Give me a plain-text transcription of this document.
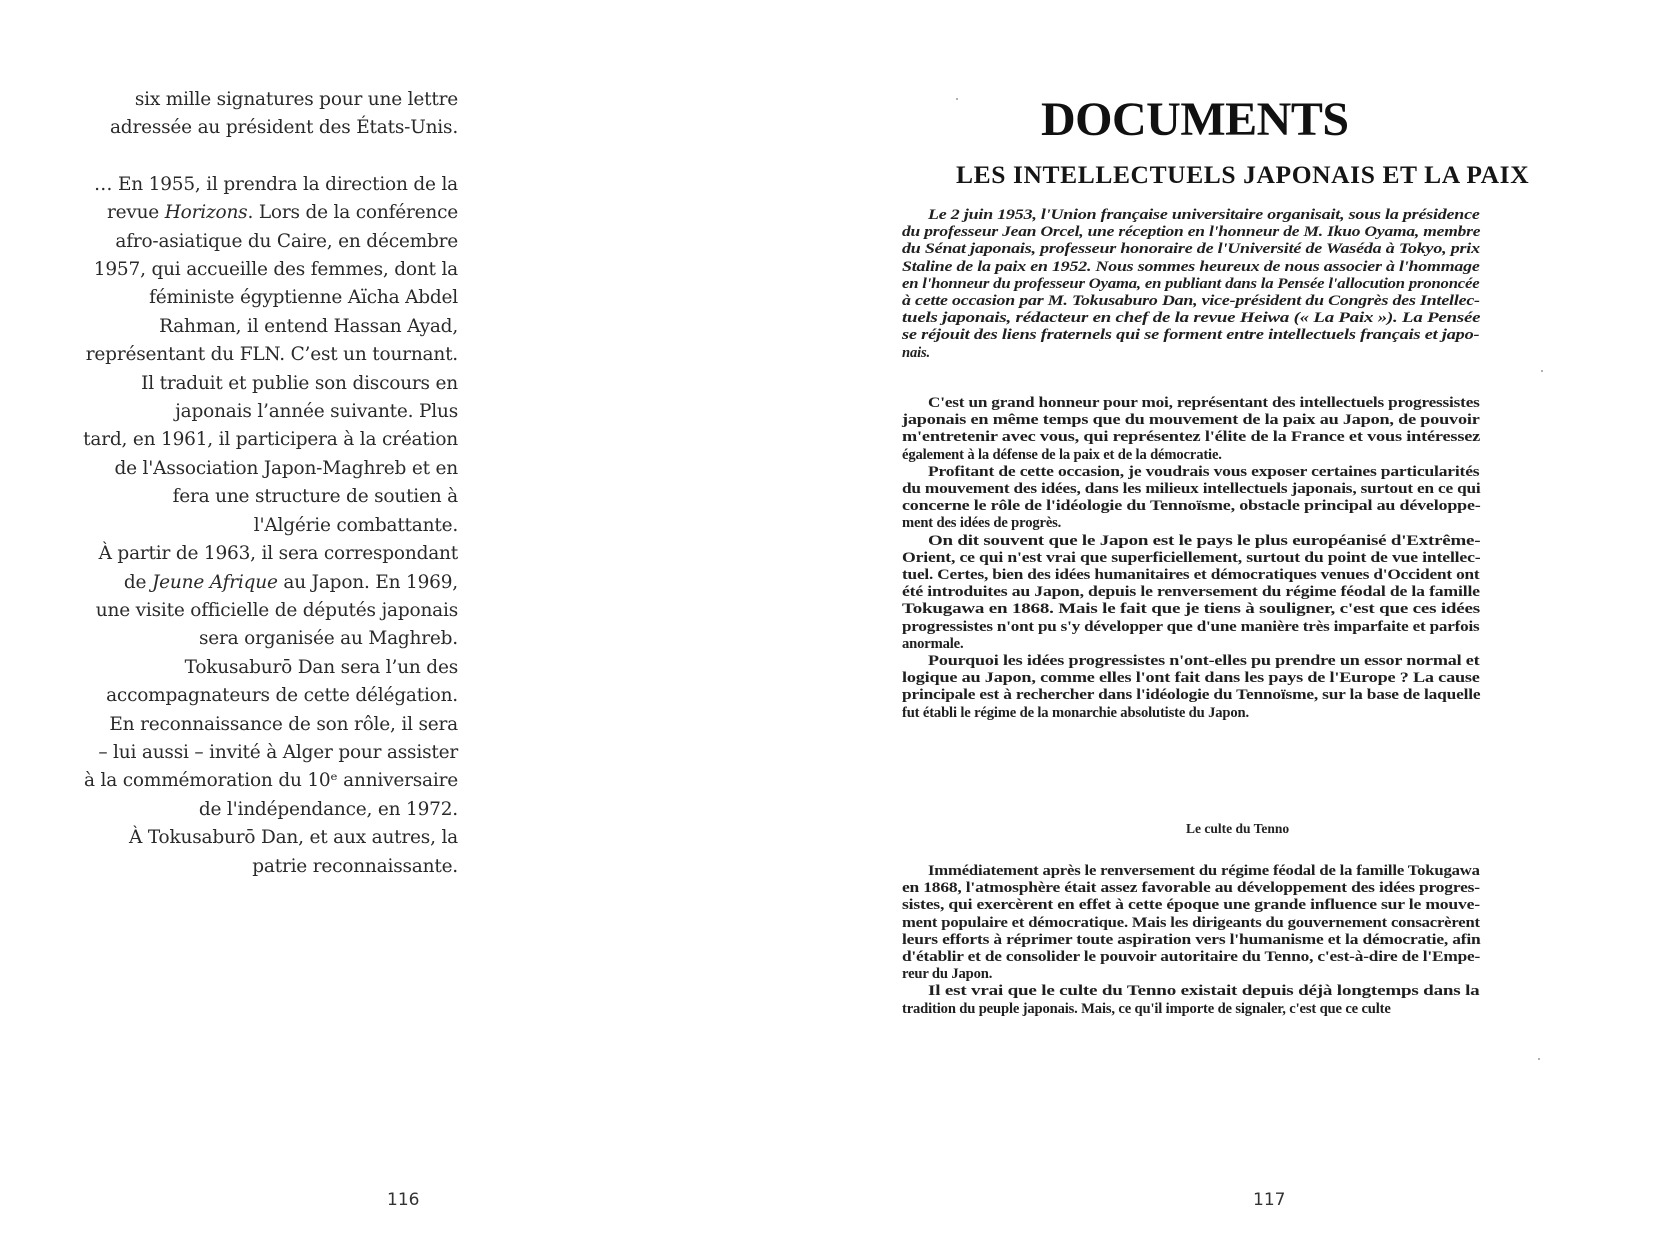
six mille signatures pour une lettre
adressée au président des États-Unis.
… En 1955, il prendra la direction de la
revue Horizons. Lors de la conférence
afro-asiatique du Caire, en décembre
1957, qui accueille des femmes, dont la
féministe égyptienne Aïcha Abdel
Rahman, il entend Hassan Ayad,
représentant du FLN. C’est un tournant.
Il traduit et publie son discours en
japonais l’année suivante. Plus
tard, en 1961, il participera à la création
de l'Association Japon-Maghreb et en
fera une structure de soutien à
l'Algérie combattante.
À partir de 1963, il sera correspondant
de Jeune Afrique au Japon. En 1969,
une visite officielle de députés japonais
sera organisée au Maghreb.
Tokusaburō Dan sera l’un des
accompagnateurs de cette délégation.
En reconnaissance de son rôle, il sera
– lui aussi – invité à Alger pour assister
à la commémoration du 10ᵉ anniversaire
de l'indépendance, en 1972.
À Tokusaburō Dan, et aux autres, la
patrie reconnaissante.
116
DOCUMENTS
LES INTELLECTUELS JAPONAIS ET LA PAIX
Le culte du Tenno
Le 2 juin 1953, l'Union française universitaire organisait, sous la présidence
du professeur Jean Orcel, une réception en l'honneur de M. Ikuo Oyama, membre
du Sénat japonais, professeur honoraire de l'Université de Waséda à Tokyo, prix
Staline de la paix en 1952. Nous sommes heureux de nous associer à l'hommage
en l'honneur du professeur Oyama, en publiant dans la Pensée l'allocution prononcée
à cette occasion par M. Tokusaburo Dan, vice-président du Congrès des Intellec-
tuels japonais, rédacteur en chef de la revue Heiwa (« La Paix »). La Pensée
se réjouit des liens fraternels qui se forment entre intellectuels français et japo-
nais.
C'est un grand honneur pour moi, représentant des intellectuels progressistes
japonais en même temps que du mouvement de la paix au Japon, de pouvoir
m'entretenir avec vous, qui représentez l'élite de la France et vous intéressez
également à la défense de la paix et de la démocratie.
Profitant de cette occasion, je voudrais vous exposer certaines particularités
du mouvement des idées, dans les milieux intellectuels japonais, surtout en ce qui
concerne le rôle de l'idéologie du Tennoïsme, obstacle principal au développe-
ment des idées de progrès.
On dit souvent que le Japon est le pays le plus européanisé d'Extrême-
Orient, ce qui n'est vrai que superficiellement, surtout du point de vue intellec-
tuel. Certes, bien des idées humanitaires et démocratiques venues d'Occident ont
été introduites au Japon, depuis le renversement du régime féodal de la famille
Tokugawa en 1868. Mais le fait que je tiens à souligner, c'est que ces idées
progressistes n'ont pu s'y développer que d'une manière très imparfaite et parfois
anormale.
Pourquoi les idées progressistes n'ont-elles pu prendre un essor normal et
logique au Japon, comme elles l'ont fait dans les pays de l'Europe ? La cause
principale est à rechercher dans l'idéologie du Tennoïsme, sur la base de laquelle
fut établi le régime de la monarchie absolutiste du Japon.
Immédiatement après le renversement du régime féodal de la famille Tokugawa
en 1868, l'atmosphère était assez favorable au développement des idées progres-
sistes, qui exercèrent en effet à cette époque une grande influence sur le mouve-
ment populaire et démocratique. Mais les dirigeants du gouvernement consacrèrent
leurs efforts à réprimer toute aspiration vers l'humanisme et la démocratie, afin
d'établir et de consolider le pouvoir autoritaire du Tenno, c'est-à-dire de l'Empe-
reur du Japon.
Il est vrai que le culte du Tenno existait depuis déjà longtemps dans la
tradition du peuple japonais. Mais, ce qu'il importe de signaler, c'est que ce culte
117
